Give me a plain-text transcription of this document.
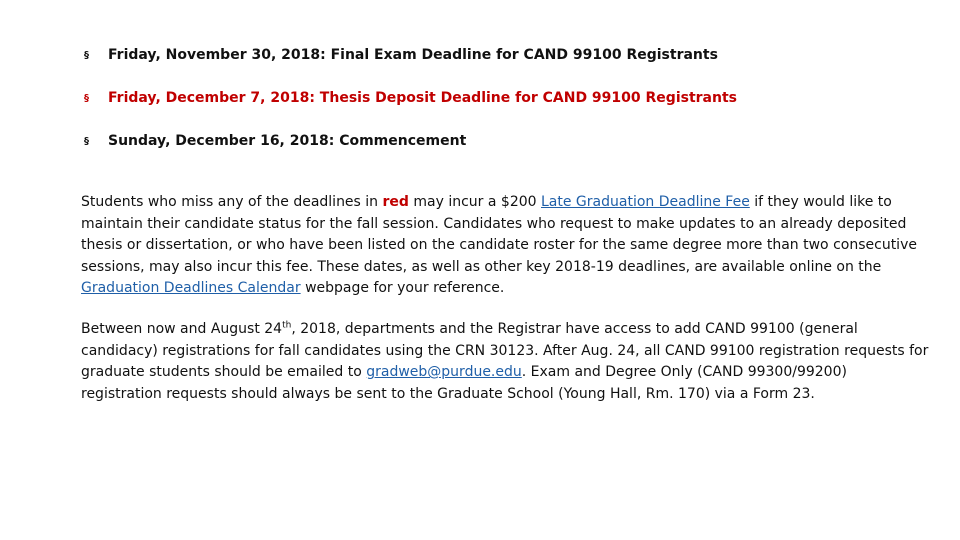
§	Friday, November 30, 2018: Final Exam Deadline for CAND 99100 Registrants
§	Friday, December 7, 2018: Thesis Deposit Deadline for CAND 99100 Registrants
§	Sunday, December 16, 2018: Commencement

Students who miss any of the deadlines in red may incur a $200 Late Graduation Deadline Fee if they would like to maintain their candidate status for the fall session. Candidates who request to make updates to an already deposited thesis or dissertation, or who have been listed on the candidate roster for the same degree more than two consecutive sessions, may also incur this fee. These dates, as well as other key 2018-19 deadlines, are available online on the Graduation Deadlines Calendar webpage for your reference.

Between now and August 24th, 2018, departments and the Registrar have access to add CAND 99100 (general candidacy) registrations for fall candidates using the CRN 30123. After Aug. 24, all CAND 99100 registration requests for graduate students should be emailed to gradweb@purdue.edu. Exam and Degree Only (CAND 99300/99200) registration requests should always be sent to the Graduate School (Young Hall, Rm. 170) via a Form 23.
